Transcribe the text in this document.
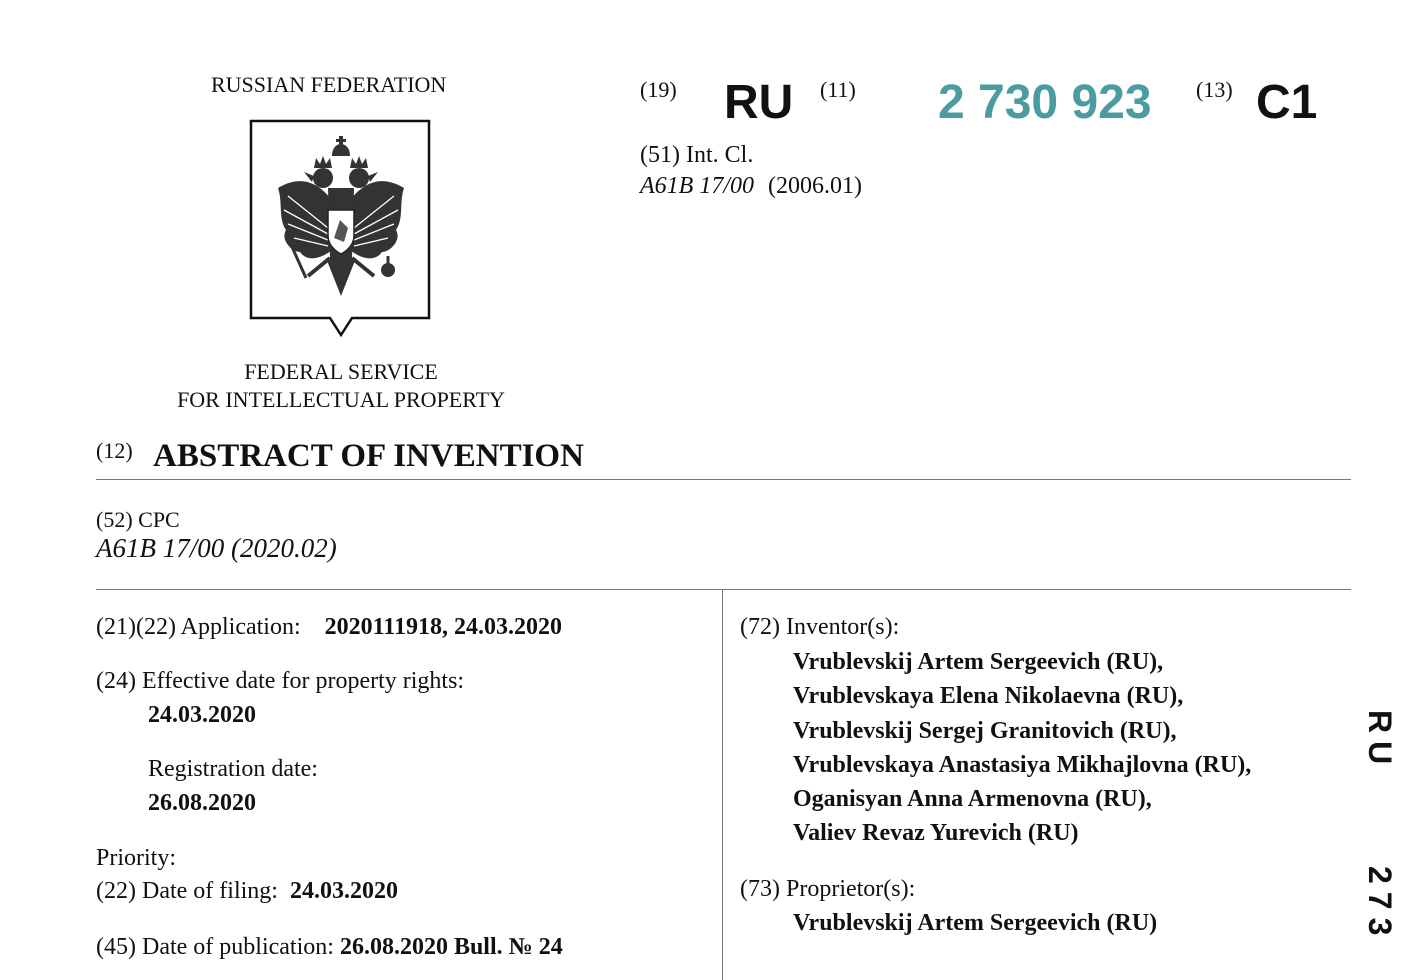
RUSSIAN FEDERATION
FEDERAL SERVICE
FOR INTELLECTUAL PROPERTY
(19) RU (11) 2 730 923 (13) C1
(51) Int. Cl.
A61B 17/00 (2006.01)
(12) ABSTRACT OF INVENTION
(52) CPC
A61B 17/00 (2020.02)
(21)(22) Application: 2020111918, 24.03.2020
(24) Effective date for property rights:
24.03.2020
Registration date:
26.08.2020
Priority:
(22) Date of filing: 24.03.2020
(45) Date of publication: 26.08.2020 Bull. № 24
(72) Inventor(s):
Vrublevskij Artem Sergeevich (RU),
Vrublevskaya Elena Nikolaevna (RU),
Vrublevskij Sergej Granitovich (RU),
Vrublevskaya Anastasiya Mikhajlovna (RU),
Oganisyan Anna Armenovna (RU),
Valiev Revaz Yurevich (RU)
(73) Proprietor(s):
Vrublevskij Artem Sergeevich (RU)
RU  273
